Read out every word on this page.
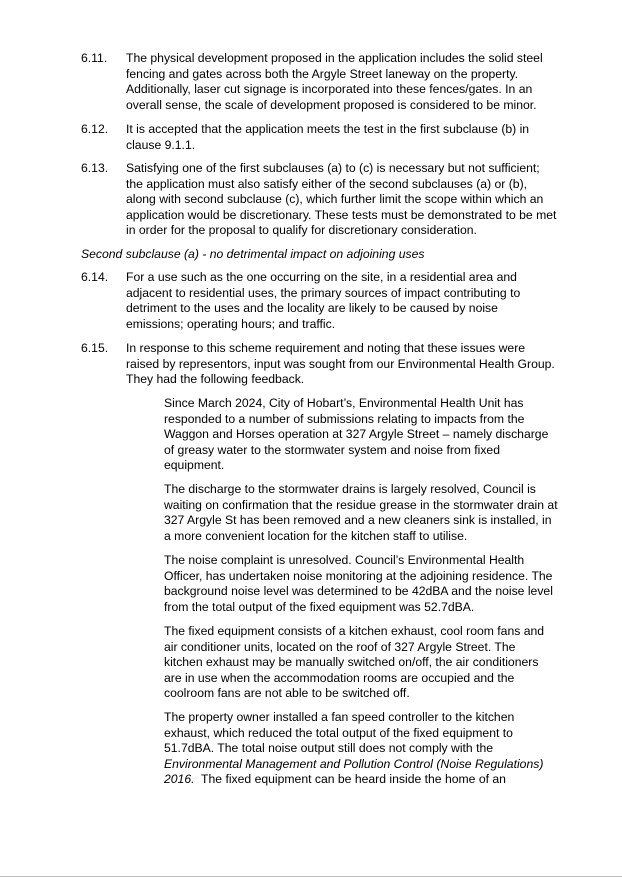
6.11.	The physical development proposed in the application includes the solid steel
fencing and gates across both the Argyle Street laneway on the property.
Additionally, laser cut signage is incorporated into these fences/gates. In an
overall sense, the scale of development proposed is considered to be minor.
6.12.	It is accepted that the application meets the test in the first subclause (b) in
clause 9.1.1.
6.13.	Satisfying one of the first subclauses (a) to (c) is necessary but not sufficient;
the application must also satisfy either of the second subclauses (a) or (b),
along with second subclause (c), which further limit the scope within which an
application would be discretionary. These tests must be demonstrated to be met
in order for the proposal to qualify for discretionary consideration.
Second subclause (a) - no detrimental impact on adjoining uses
6.14.	For a use such as the one occurring on the site, in a residential area and
adjacent to residential uses, the primary sources of impact contributing to
detriment to the uses and the locality are likely to be caused by noise
emissions; operating hours; and traffic.
6.15.	In response to this scheme requirement and noting that these issues were
raised by representors, input was sought from our Environmental Health Group.
They had the following feedback.
Since March 2024, City of Hobart’s, Environmental Health Unit has
responded to a number of submissions relating to impacts from the
Waggon and Horses operation at 327 Argyle Street – namely discharge
of greasy water to the stormwater system and noise from fixed
equipment.
The discharge to the stormwater drains is largely resolved, Council is
waiting on confirmation that the residue grease in the stormwater drain at
327 Argyle St has been removed and a new cleaners sink is installed, in
a more convenient location for the kitchen staff to utilise.
The noise complaint is unresolved. Council’s Environmental Health
Officer, has undertaken noise monitoring at the adjoining residence. The
background noise level was determined to be 42dBA and the noise level
from the total output of the fixed equipment was 52.7dBA.
The fixed equipment consists of a kitchen exhaust, cool room fans and
air conditioner units, located on the roof of 327 Argyle Street. The
kitchen exhaust may be manually switched on/off, the air conditioners
are in use when the accommodation rooms are occupied and the
coolroom fans are not able to be switched off.
The property owner installed a fan speed controller to the kitchen
exhaust, which reduced the total output of the fixed equipment to
51.7dBA. The total noise output still does not comply with the
Environmental Management and Pollution Control (Noise Regulations)
2016.  The fixed equipment can be heard inside the home of an
